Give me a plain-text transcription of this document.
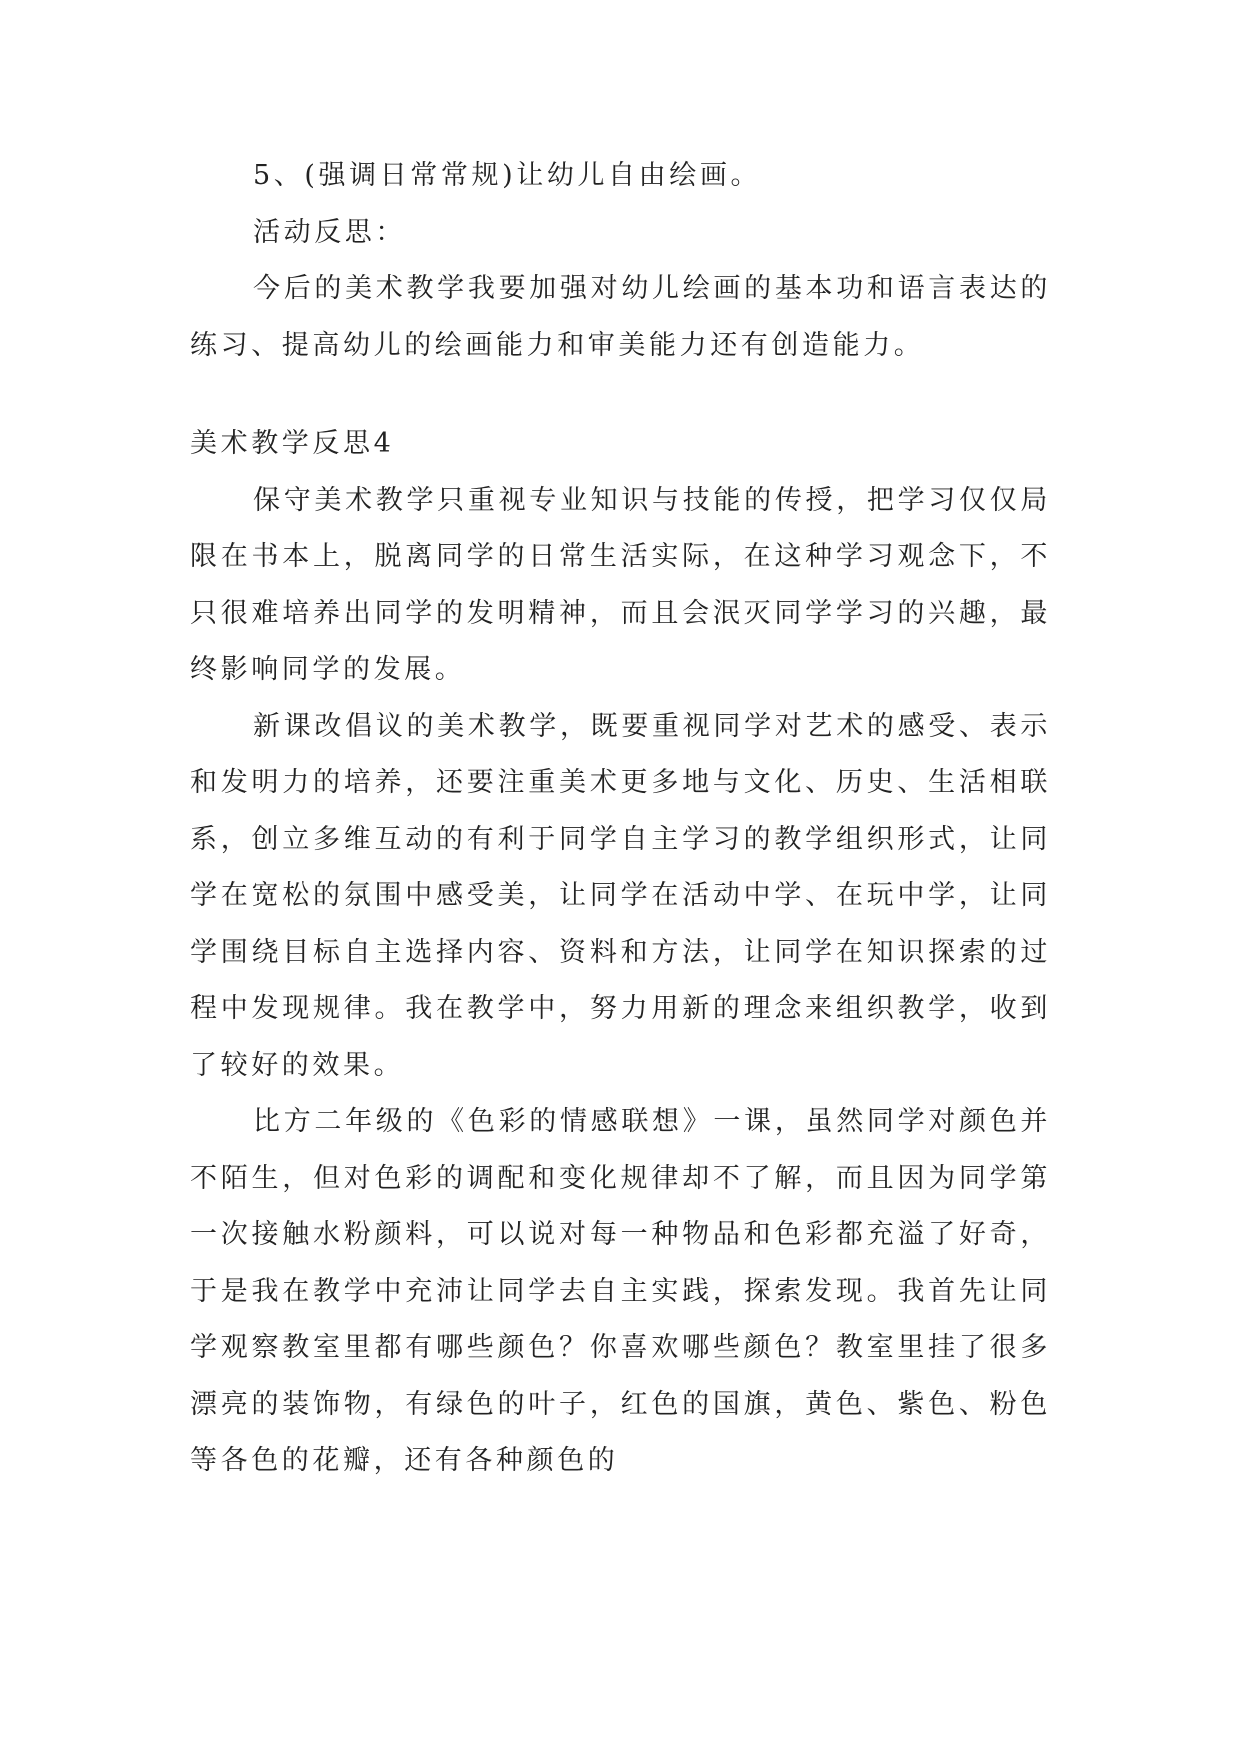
5、(强调日常常规)让幼儿自由绘画。

活动反思：

今后的美术教学我要加强对幼儿绘画的基本功和语言表达的练习、提高幼儿的绘画能力和审美能力还有创造能力。

美术教学反思4

保守美术教学只重视专业知识与技能的传授，把学习仅仅局限在书本上，脱离同学的日常生活实际，在这种学习观念下，不只很难培养出同学的发明精神，而且会泯灭同学学习的兴趣，最终影响同学的发展。

新课改倡议的美术教学，既要重视同学对艺术的感受、表示和发明力的培养，还要注重美术更多地与文化、历史、生活相联系，创立多维互动的有利于同学自主学习的教学组织形式，让同学在宽松的氛围中感受美，让同学在活动中学、在玩中学，让同学围绕目标自主选择内容、资料和方法，让同学在知识探索的过程中发现规律。我在教学中，努力用新的理念来组织教学，收到了较好的效果。

比方二年级的《色彩的情感联想》一课，虽然同学对颜色并不陌生，但对色彩的调配和变化规律却不了解，而且因为同学第一次接触水粉颜料，可以说对每一种物品和色彩都充溢了好奇，于是我在教学中充沛让同学去自主实践，探索发现。我首先让同学观察教室里都有哪些颜色？你喜欢哪些颜色？教室里挂了很多漂亮的装饰物，有绿色的叶子，红色的国旗，黄色、紫色、粉色等各色的花瓣，还有各种颜色的
